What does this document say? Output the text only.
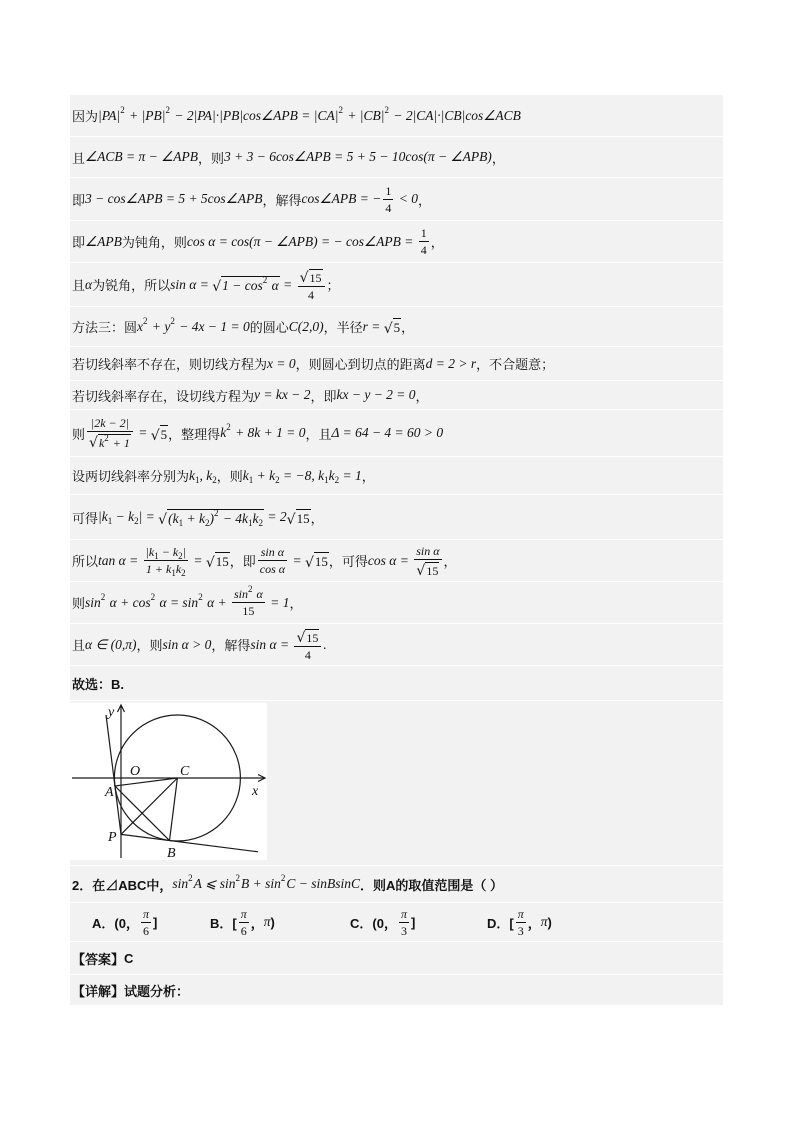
因为 |PA| 2 + |PB| 2 − 2|PA|·|PB|cos∠APB = |CA| 2 + |CB| 2 − 2|CA|·|CB|cos∠ACB
且 ∠ACB = π − ∠APB ，则 3 + 3 − 6cos∠APB = 5 + 5 − 10cos(π − ∠APB) ，
即 3 − cos∠APB = 5 + 5cos∠APB ，解得 cos∠APB = − $\frac{1}{4} < 0$ ，
即 ∠APB 为钝角，则 cos α = cos(π − ∠APB) = − cos∠APB = $\frac{1}{4}$ ，
且 α 为锐角，所以 sin α = √ 1 − cos 2 α = √ $\frac{15}{4}$ ；
方法三：圆 x 2 + y 2 − 4x − 1 = 0 的圆心 C(2,0) ，半径 r = √ 5 ，
若切线斜率不存在，则切线方程为 x = 0 ，则圆心到切点的距离 d = 2 > r ，不合题意；
若切线斜率存在，设切线方程为 y = kx − 2 ，即 kx − y − 2 = 0 ，
则 |2k − 2|
√
k 2 + 1 = √ 5 ，整理得 k 2 + 8k + 1 = 0 ，且 Δ = 64 − 4 = 60 > 0
设两切线斜率分别为 k 1 , k 2 ，则 k 1 + k 2 = −8, k 1 k 2 = 1 ，
可得 |k 1 − k 2 | = √ (k 1 + k 2 ) 2 − 4k 1 k 2 = 2 √ 15 ，
所以 $\tan \alpha = \frac{|k 1 - k 2 |}{1 + k 1 k 2}$ = √ 15 ，即 $\frac{\text{sin α}}{\text{cos α}}$ = √ 15 ，可得 cos α = sin α
√
15 ，
则 sin 2 α + cos 2 α = sin 2 $\alpha + \frac{\sin 2 \alpha}{15} = 1$ ，
且 α ∈ (0,π) ，则 sin α > 0 ，解得 sin α = √ $\frac{15}{4}$ .
故选：B.
y
O	C
x
A
P
B
2．在⊿ABC中， sin 2 A ⩽ sin 2 B + sin 2 C − sinBsinC ．则A的取值范围是（ ）
A．(0， $\frac{\pi}{6}$ ]	B．[ $\frac{\pi}{6}$ ， π )	C．(0， $\frac{\pi}{3}$ ]	D．[ $\frac{\pi}{3}$ ， π )
【答案】 C
【详解】 试题分析：
